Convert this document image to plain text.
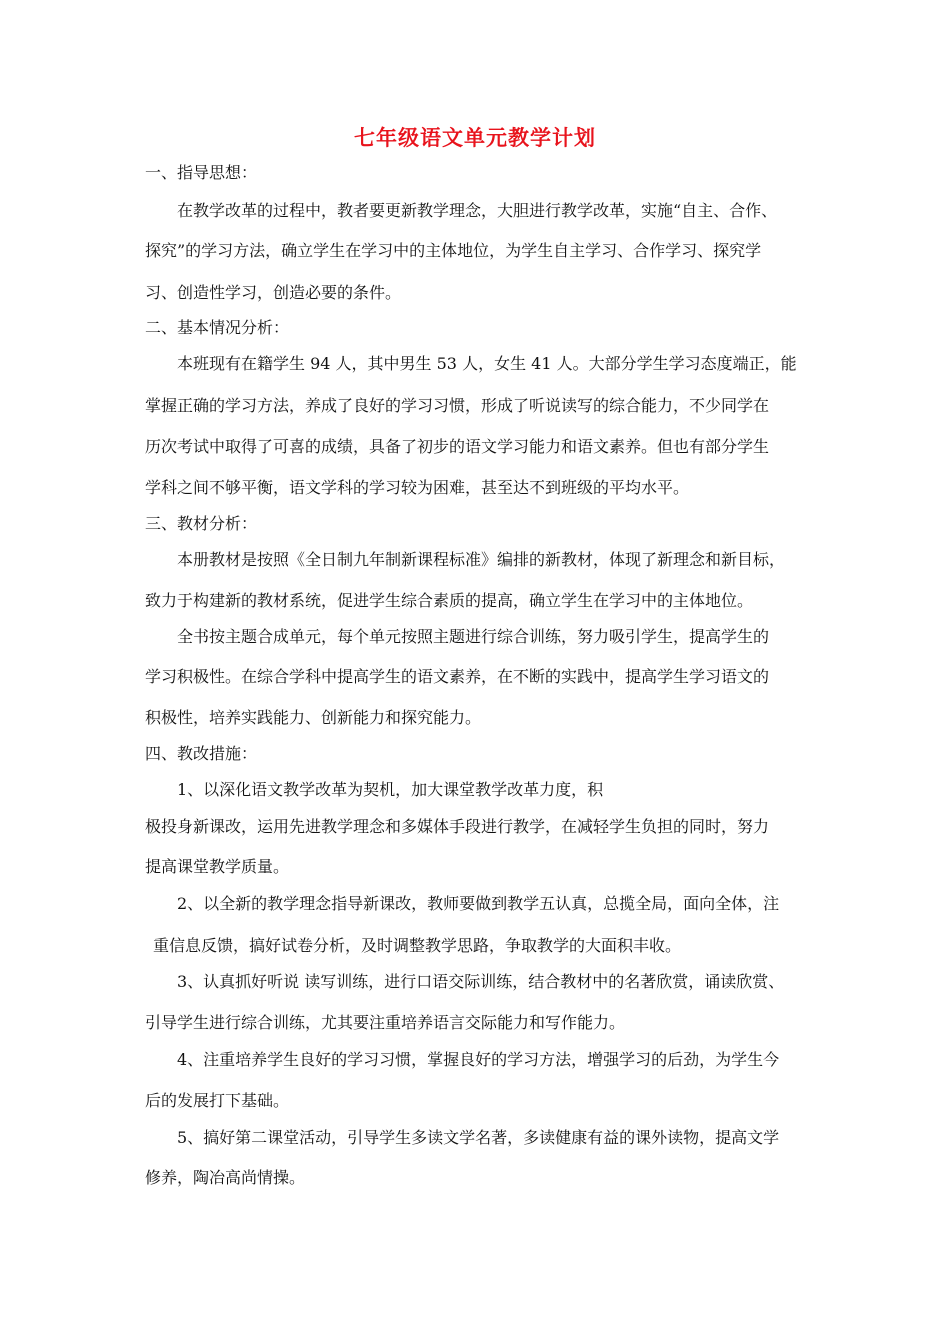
七年级语文单元教学计划
一、指导思想：
在教学改革的过程中，教者要更新教学理念，大胆进行教学改革，实施“自主、合作、
探究”的学习方法，确立学生在学习中的主体地位，为学生自主学习、合作学习、探究学
习、创造性学习，创造必要的条件。
二、基本情况分析：
本班现有在籍学生 94 人，其中男生 53 人，女生 41 人。大部分学生学习态度端正，能
掌握正确的学习方法，养成了良好的学习习惯，形成了听说读写的综合能力，不少同学在
历次考试中取得了可喜的成绩，具备了初步的语文学习能力和语文素养。但也有部分学生
学科之间不够平衡，语文学科的学习较为困难，甚至达不到班级的平均水平。
三、教材分析：
本册教材是按照《全日制九年制新课程标准》编排的新教材，体现了新理念和新目标，
致力于构建新的教材系统，促进学生综合素质的提高，确立学生在学习中的主体地位。
全书按主题合成单元，每个单元按照主题进行综合训练，努力吸引学生，提高学生的
学习积极性。在综合学科中提高学生的语文素养，在不断的实践中，提高学生学习语文的
积极性，培养实践能力、创新能力和探究能力。
四、教改措施：
1、以深化语文教学改革为契机，加大课堂教学改革力度，积
极投身新课改，运用先进教学理念和多媒体手段进行教学，在减轻学生负担的同时，努力
提高课堂教学质量。
2、以全新的教学理念指导新课改，教师要做到教学五认真，总揽全局，面向全体，注
重信息反馈，搞好试卷分析，及时调整教学思路，争取教学的大面积丰收。
3、认真抓好听说 读写训练，进行口语交际训练，结合教材中的名著欣赏，诵读欣赏、
引导学生进行综合训练，尤其要注重培养语言交际能力和写作能力。
4、注重培养学生良好的学习习惯，掌握良好的学习方法，增强学习的后劲，为学生今
后的发展打下基础。
5、搞好第二课堂活动，引导学生多读文学名著，多读健康有益的课外读物，提高文学
修养，陶冶高尚情操。
